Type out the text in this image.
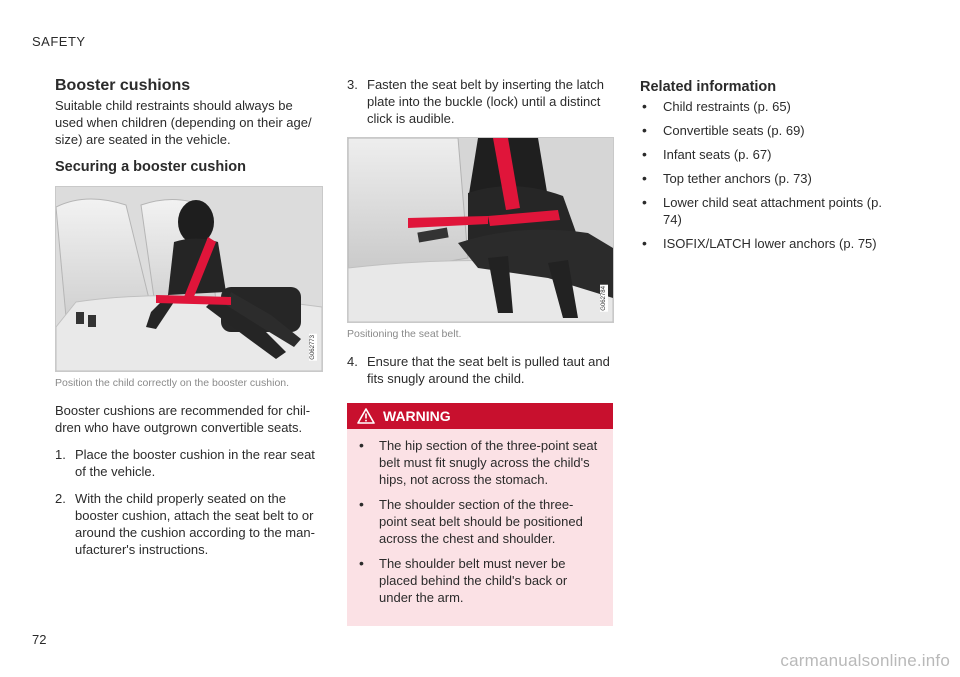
SAFETY
Booster cushions

Suitable child restraints should always be used when children (depending on their age/ size) are seated in the vehicle.

Securing a booster cushion
G062773
Position the child correctly on the booster cushion.

Booster cushions are recommended for chil- dren who have outgrown convertible seats.

1. Place the booster cushion in the rear seat of the vehicle.
2. With the child properly seated on the booster cushion, attach the seat belt to or around the cushion according to the man- ufacturer's instructions.
3. Fasten the seat belt by inserting the latch plate into the buckle (lock) until a distinct click is audible.
G062784
Positioning the seat belt.
4. Ensure that the seat belt is pulled taut and fits snugly around the child.
WARNING
• The hip section of the three-point seat belt must fit snugly across the child's hips, not across the stomach.
• The shoulder section of the three-point seat belt should be positioned across the chest and shoulder.
• The shoulder belt must never be placed behind the child's back or under the arm.
Related information
• Child restraints (p. 65)
• Convertible seats (p. 69)
• Infant seats (p. 67)
• Top tether anchors (p. 73)
• Lower child seat attachment points (p. 74)
• ISOFIX/LATCH lower anchors (p. 75)
72
carmanualsonline.info
